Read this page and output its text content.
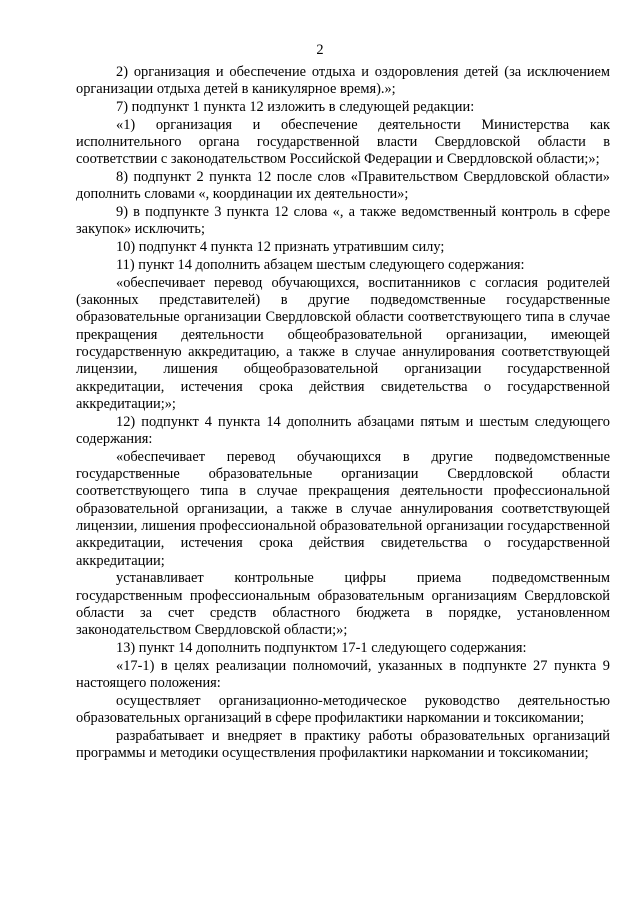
2

2) организация и обеспечение отдыха и оздоровления детей (за исключением организации отдыха детей в каникулярное время).»;

7) подпункт 1 пункта 12 изложить в следующей редакции:

«1) организация и обеспечение деятельности Министерства как исполнительного органа государственной власти Свердловской области в соответствии с законодательством Российской Федерации и Свердловской области;»;

8) подпункт 2 пункта 12 после слов «Правительством Свердловской области» дополнить словами «, координации их деятельности»;

9) в подпункте 3 пункта 12 слова «, а также ведомственный контроль в сфере закупок» исключить;

10) подпункт 4 пункта 12 признать утратившим силу;

11) пункт 14 дополнить абзацем шестым следующего содержания:

«обеспечивает перевод обучающихся, воспитанников с согласия родителей (законных представителей) в другие подведомственные государственные образовательные организации Свердловской области соответствующего типа в случае прекращения деятельности общеобразовательной организации, имеющей государственную аккредитацию, а также в случае аннулирования соответствующей лицензии, лишения общеобразовательной организации государственной аккредитации, истечения срока действия свидетельства о государственной аккредитации;»;

12) подпункт 4 пункта 14 дополнить абзацами пятым и шестым следующего содержания:

«обеспечивает перевод обучающихся в другие подведомственные государственные образовательные организации Свердловской области соответствующего типа в случае прекращения деятельности профессиональной образовательной организации, а также в случае аннулирования соответствующей лицензии, лишения профессиональной образовательной организации государственной аккредитации, истечения срока действия свидетельства о государственной аккредитации;

устанавливает контрольные цифры приема подведомственным государственным профессиональным образовательным организациям Свердловской области за счет средств областного бюджета в порядке, установленном законодательством Свердловской области;»;

13) пункт 14 дополнить подпунктом 17-1 следующего содержания:

«17-1) в целях реализации полномочий, указанных в подпункте 27 пункта 9 настоящего положения:

осуществляет организационно-методическое руководство деятельностью образовательных организаций в сфере профилактики наркомании и токсикомании;

разрабатывает и внедряет в практику работы образовательных организаций программы и методики осуществления профилактики наркомании и токсикомании;
